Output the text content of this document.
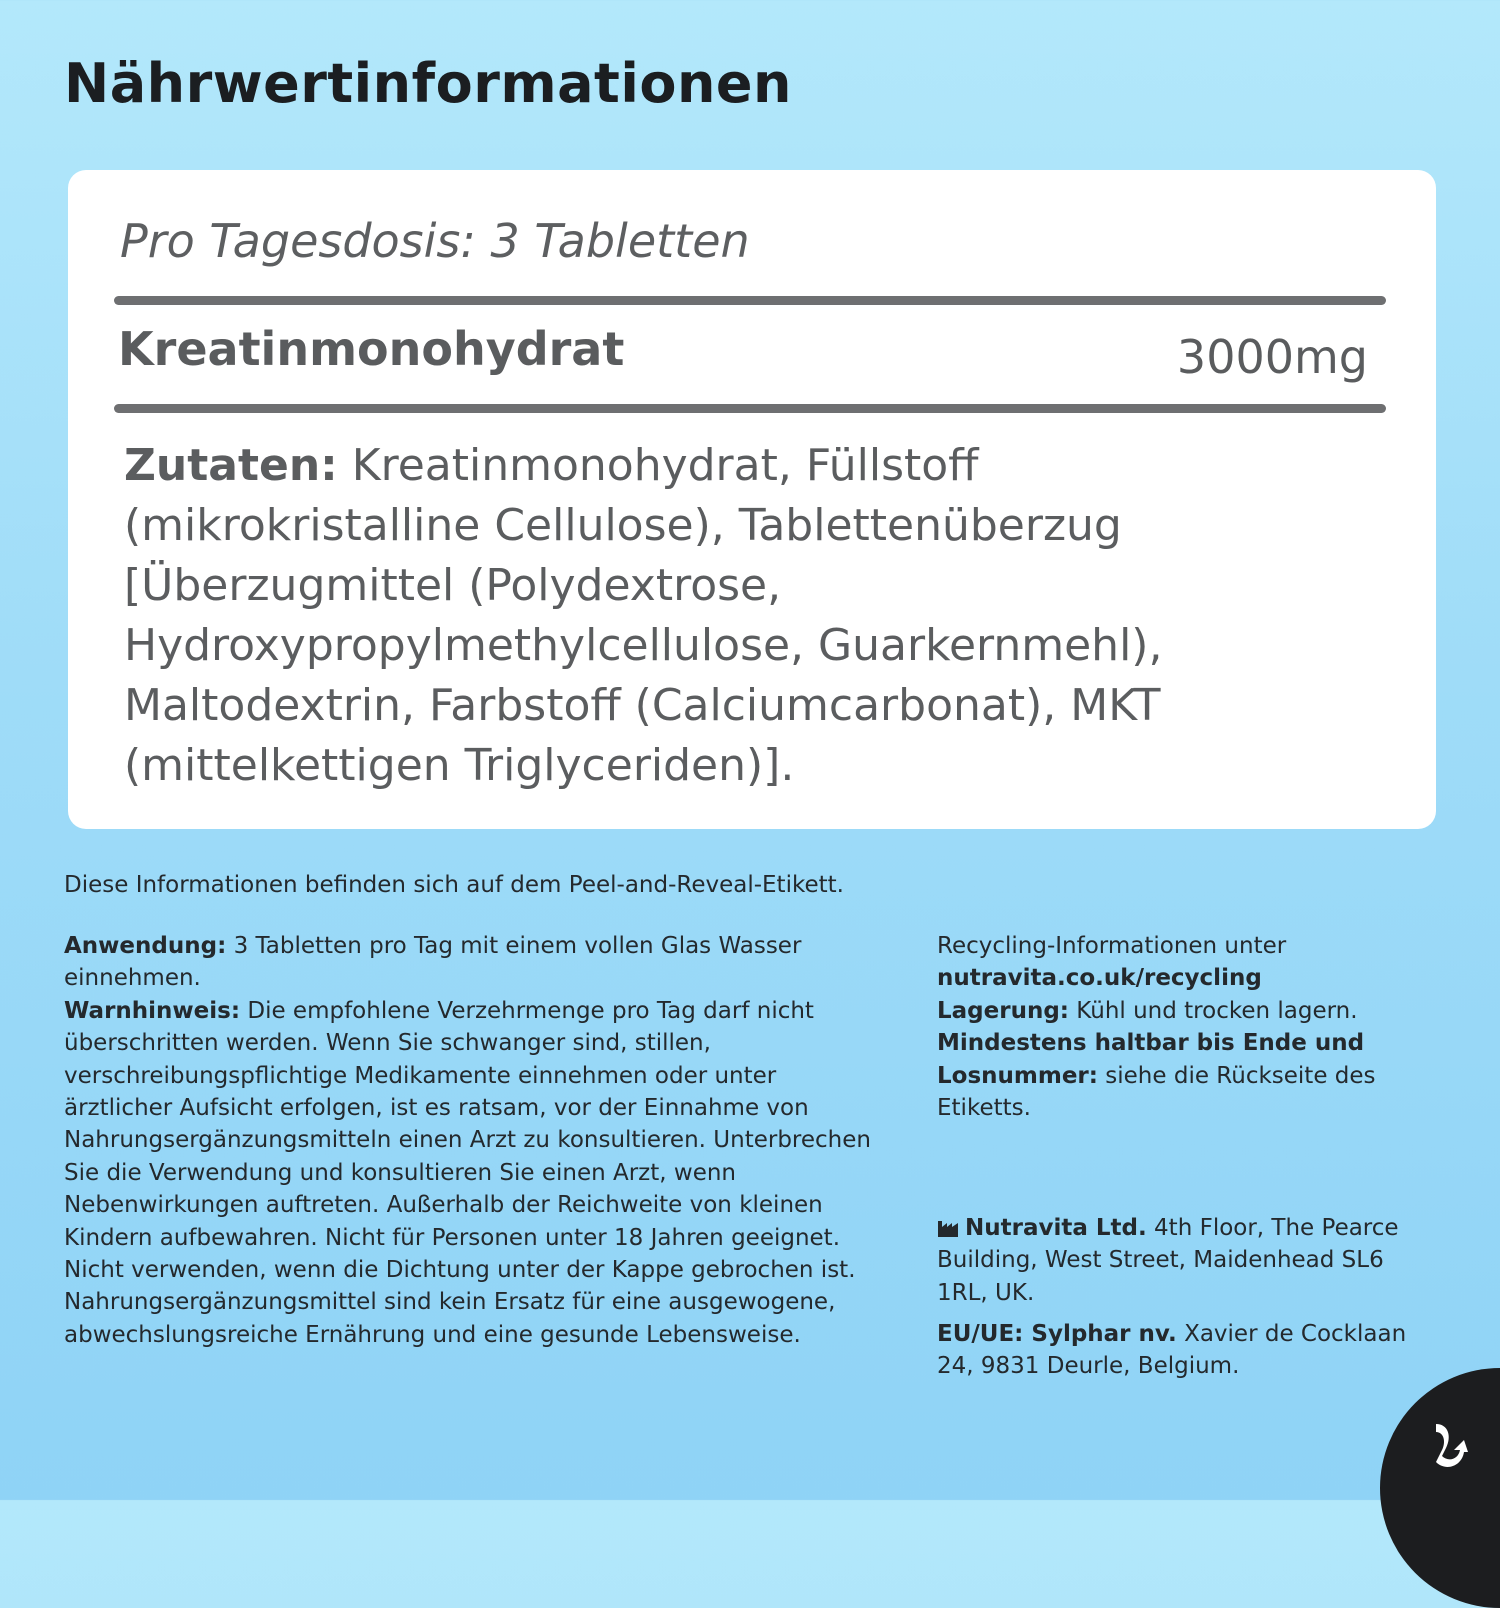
Nährwertinformationen
Pro Tagesdosis: 3 Tabletten
Kreatinmonohydrat	3000mg

Zutaten: Kreatinmonohydrat, Füllstoff (mikrokristalline Cellulose), Tablettenüberzug [Überzugmittel (Polydextrose, Hydroxypropylmethylcellulose, Guarkernmehl), Maltodextrin, Farbstoff (Calciumcarbonat), MKT (mittelkettigen Triglyceriden)].

Diese Informationen befinden sich auf dem Peel-and-Reveal-Etikett.

Anwendung: 3 Tabletten pro Tag mit einem vollen Glas Wasser einnehmen.
Warnhinweis: Die empfohlene Verzehrmenge pro Tag darf nicht überschritten werden. Wenn Sie schwanger sind, stillen, verschreibungspflichtige Medikamente einnehmen oder unter ärztlicher Aufsicht erfolgen, ist es ratsam, vor der Einnahme von Nahrungsergänzungsmitteln einen Arzt zu konsultieren. Unterbrechen Sie die Verwendung und konsultieren Sie einen Arzt, wenn Nebenwirkungen auftreten. Außerhalb der Reichweite von kleinen Kindern aufbewahren. Nicht für Personen unter 18 Jahren geeignet. Nicht verwenden, wenn die Dichtung unter der Kappe gebrochen ist. Nahrungsergänzungsmittel sind kein Ersatz für eine ausgewogene, abwechslungsreiche Ernährung und eine gesunde Lebensweise.

Recycling-Informationen unter
nutravita.co.uk/recycling
Lagerung: Kühl und trocken lagern.
Mindestens haltbar bis Ende und Losnummer: siehe die Rückseite des Etiketts.

Nutravita Ltd. 4th Floor, The Pearce Building, West Street, Maidenhead SL6 1RL, UK.

EU/UE: Sylphar nv. Xavier de Cocklaan 24, 9831 Deurle, Belgium.
